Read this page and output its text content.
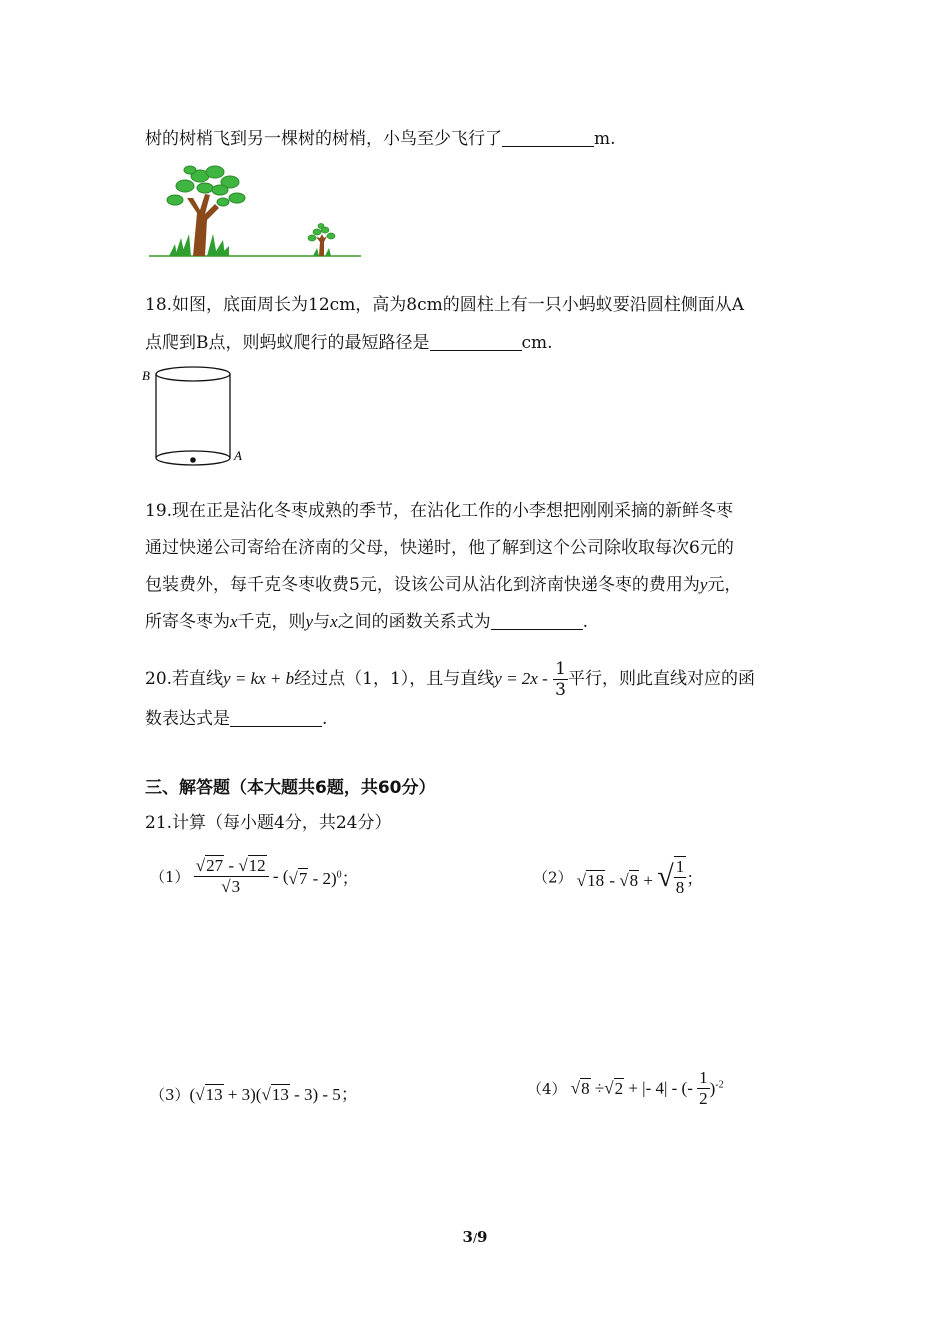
树的树梢飞到另一棵树的树梢，小鸟至少飞行了	m.
18.如图，底面周长为12cm，高为8cm的圆柱上有一只小蚂蚁要沿圆柱侧面从A
点爬到B点，则蚂蚁爬行的最短路径是	cm.
B
A
19.现在正是沾化冬枣成熟的季节，在沾化工作的小李想把刚刚采摘的新鲜冬枣
通过快递公司寄给在济南的父母，快递时，他了解到这个公司除收取每次6元的
包装费外，每千克冬枣收费5元，设该公司从沾化到济南快递冬枣的费用为y元，
所寄冬枣为x千克，则y与x之间的函数关系式为	.
20.若直线y = kx + b经过点（1，1），且与直线$y = 2x - \frac{1}{3}$ 平行，则此直线对应的函
数表达式是	.
三、解答题（本大题共6题，共60分）
21.计算（每小题4分，共24分）
$(1) \frac{√27 - √12}{√3} - (√7 - 2)^0$；	（2） √18 - √8 + √ $\frac{1}{8}$ ；
（3）(√13 + 3)(√13 - 3) - 5；	（4） √8 ÷√2 + |- 4| - (- $\frac{1}{2} )^{-2}$
3/9
